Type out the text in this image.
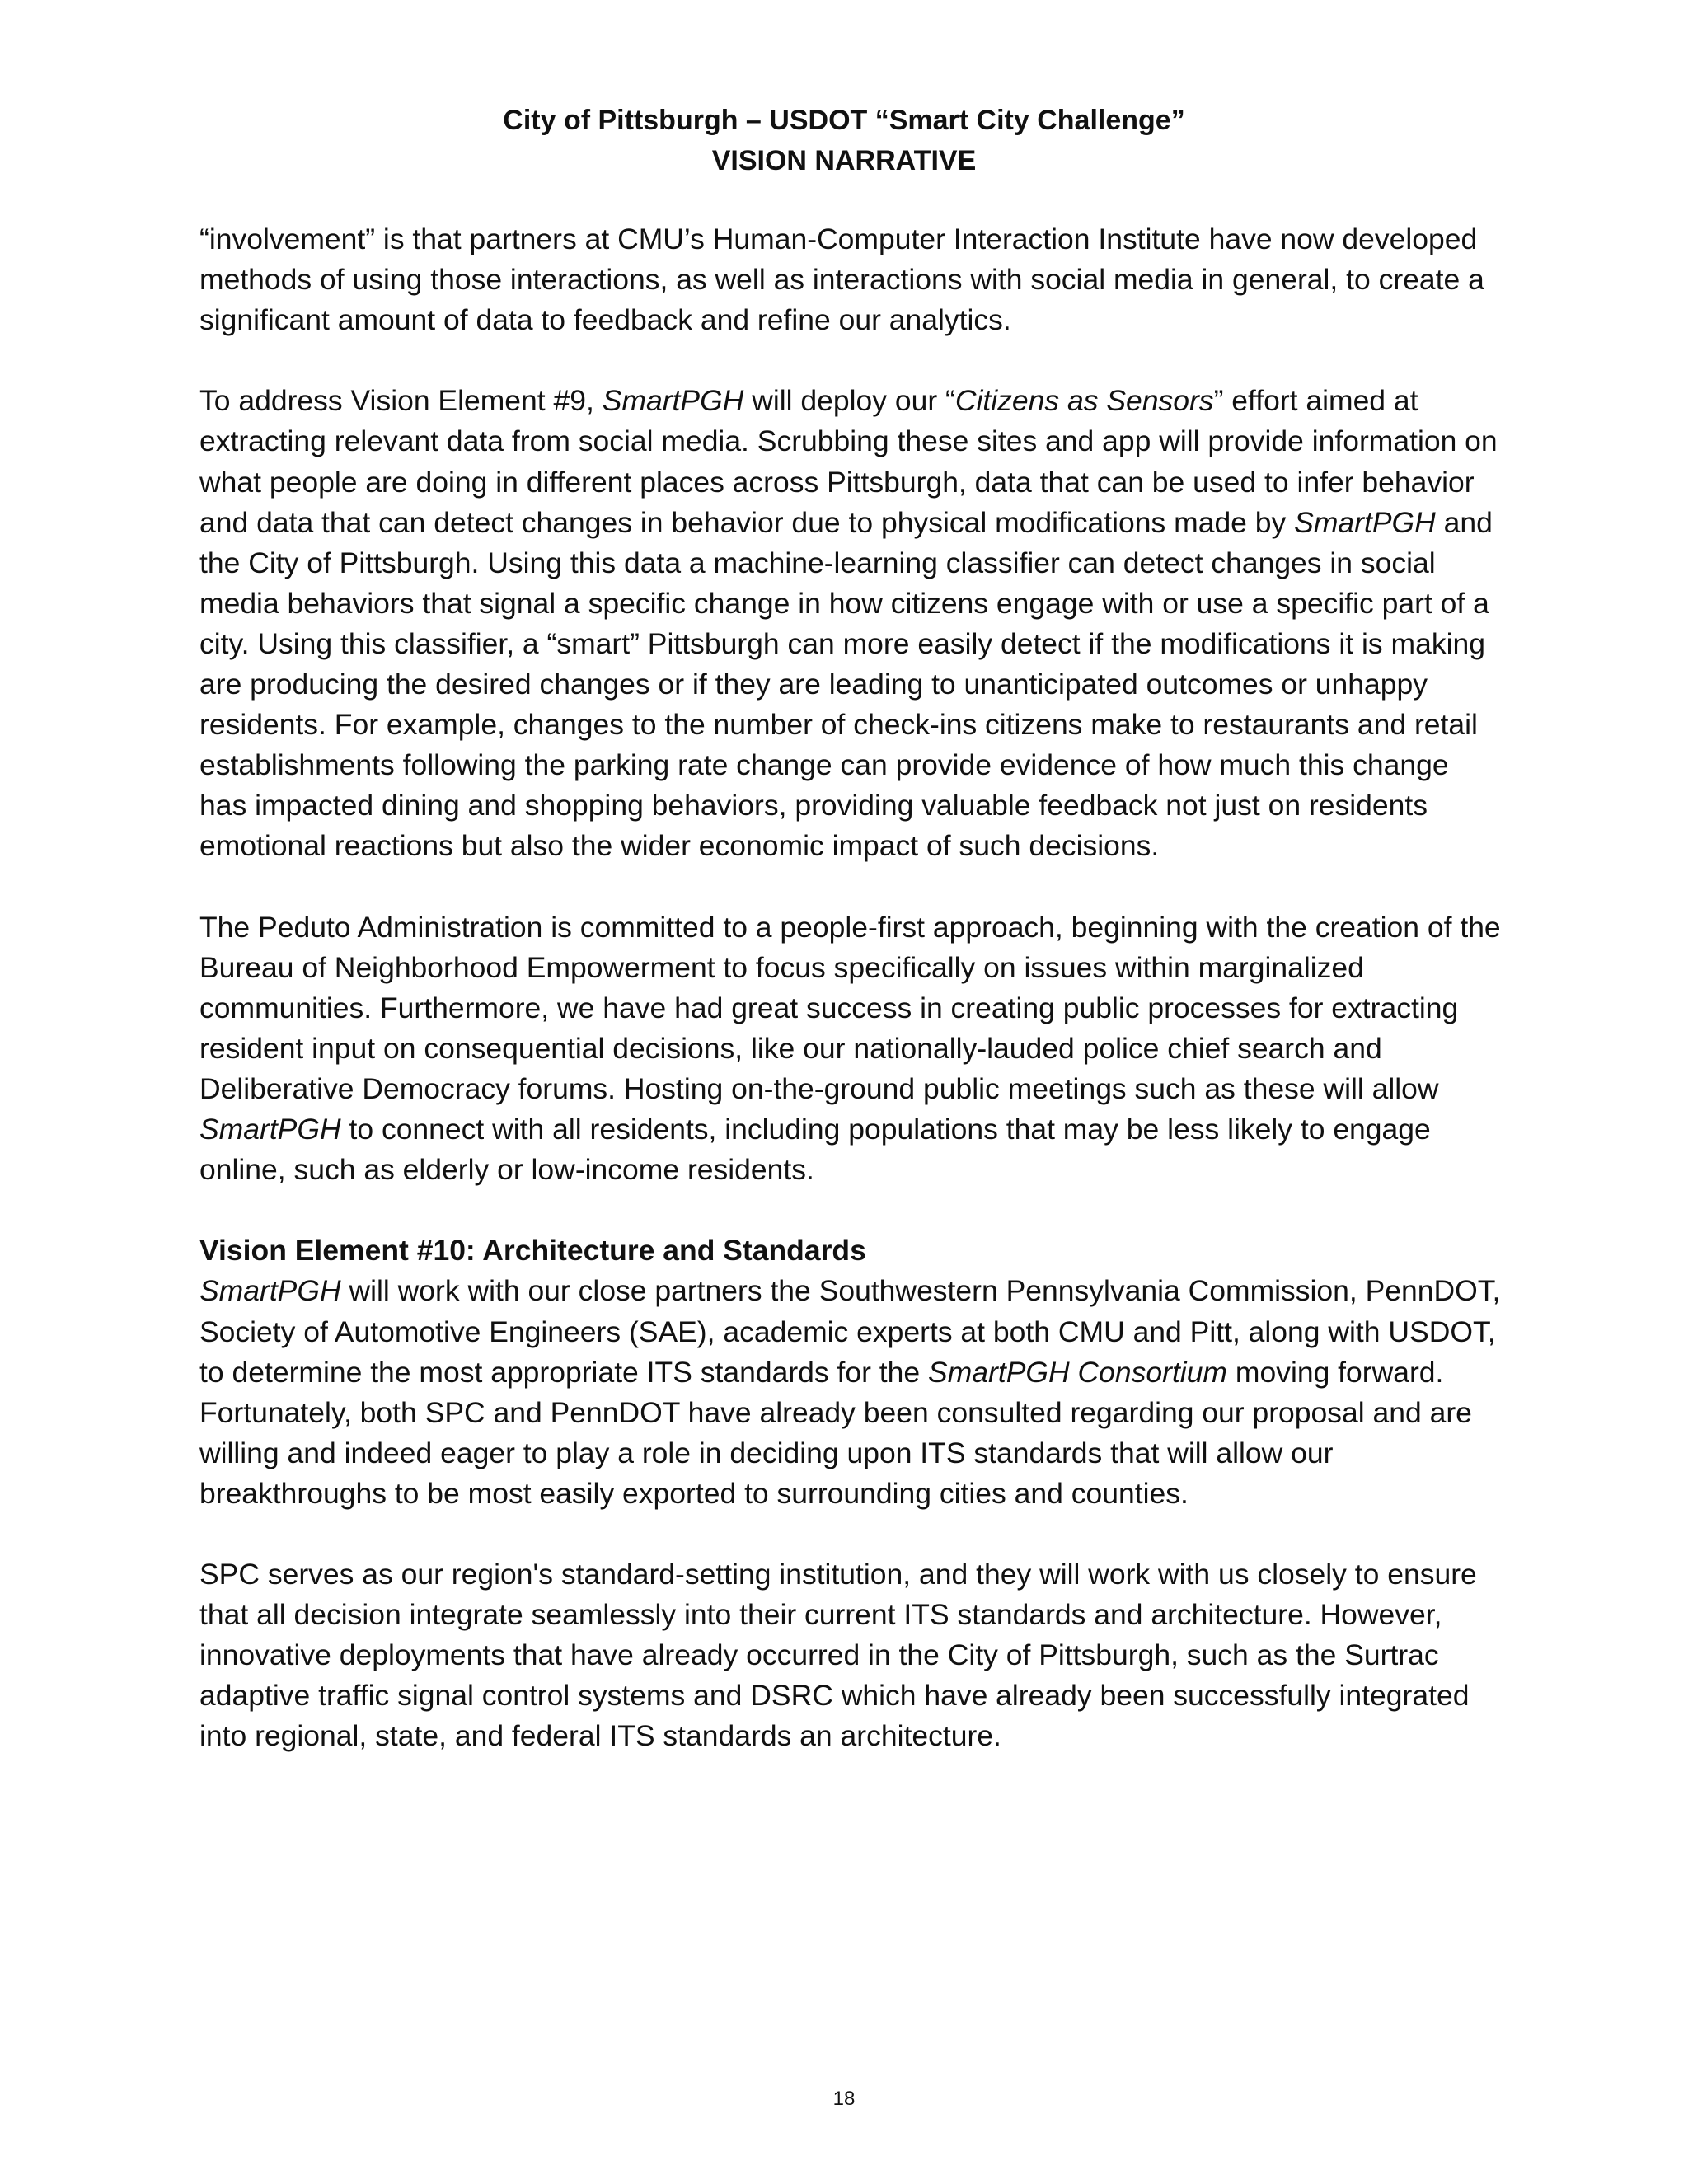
City of Pittsburgh – USDOT “Smart City Challenge”
VISION NARRATIVE

“involvement” is that partners at CMU’s Human-Computer Interaction Institute have now developed methods of using those interactions, as well as interactions with social media in general, to create a significant amount of data to feedback and refine our analytics.

To address Vision Element #9, SmartPGH will deploy our “Citizens as Sensors” effort aimed at extracting relevant data from social media. Scrubbing these sites and app will provide information on what people are doing in different places across Pittsburgh, data that can be used to infer behavior and data that can detect changes in behavior due to physical modifications made by SmartPGH and the City of Pittsburgh. Using this data a machine-learning classifier can detect changes in social media behaviors that signal a specific change in how citizens engage with or use a specific part of a city. Using this classifier, a “smart” Pittsburgh can more easily detect if the modifications it is making are producing the desired changes or if they are leading to unanticipated outcomes or unhappy residents. For example, changes to the number of check-ins citizens make to restaurants and retail establishments following the parking rate change can provide evidence of how much this change has impacted dining and shopping behaviors, providing valuable feedback not just on residents emotional reactions but also the wider economic impact of such decisions.

The Peduto Administration is committed to a people-first approach, beginning with the creation of the Bureau of Neighborhood Empowerment to focus specifically on issues within marginalized communities. Furthermore, we have had great success in creating public processes for extracting resident input on consequential decisions, like our nationally-lauded police chief search and Deliberative Democracy forums. Hosting on-the-ground public meetings such as these will allow SmartPGH to connect with all residents, including populations that may be less likely to engage online, such as elderly or low-income residents.

Vision Element #10: Architecture and Standards

SmartPGH will work with our close partners the Southwestern Pennsylvania Commission, PennDOT, Society of Automotive Engineers (SAE), academic experts at both CMU and Pitt, along with USDOT, to determine the most appropriate ITS standards for the SmartPGH Consortium moving forward. Fortunately, both SPC and PennDOT have already been consulted regarding our proposal and are willing and indeed eager to play a role in deciding upon ITS standards that will allow our breakthroughs to be most easily exported to surrounding cities and counties.

SPC serves as our region's standard-setting institution, and they will work with us closely to ensure that all decision integrate seamlessly into their current ITS standards and architecture. However, innovative deployments that have already occurred in the City of Pittsburgh, such as the Surtrac adaptive traffic signal control systems and DSRC which have already been successfully integrated into regional, state, and federal ITS standards an architecture.

18
